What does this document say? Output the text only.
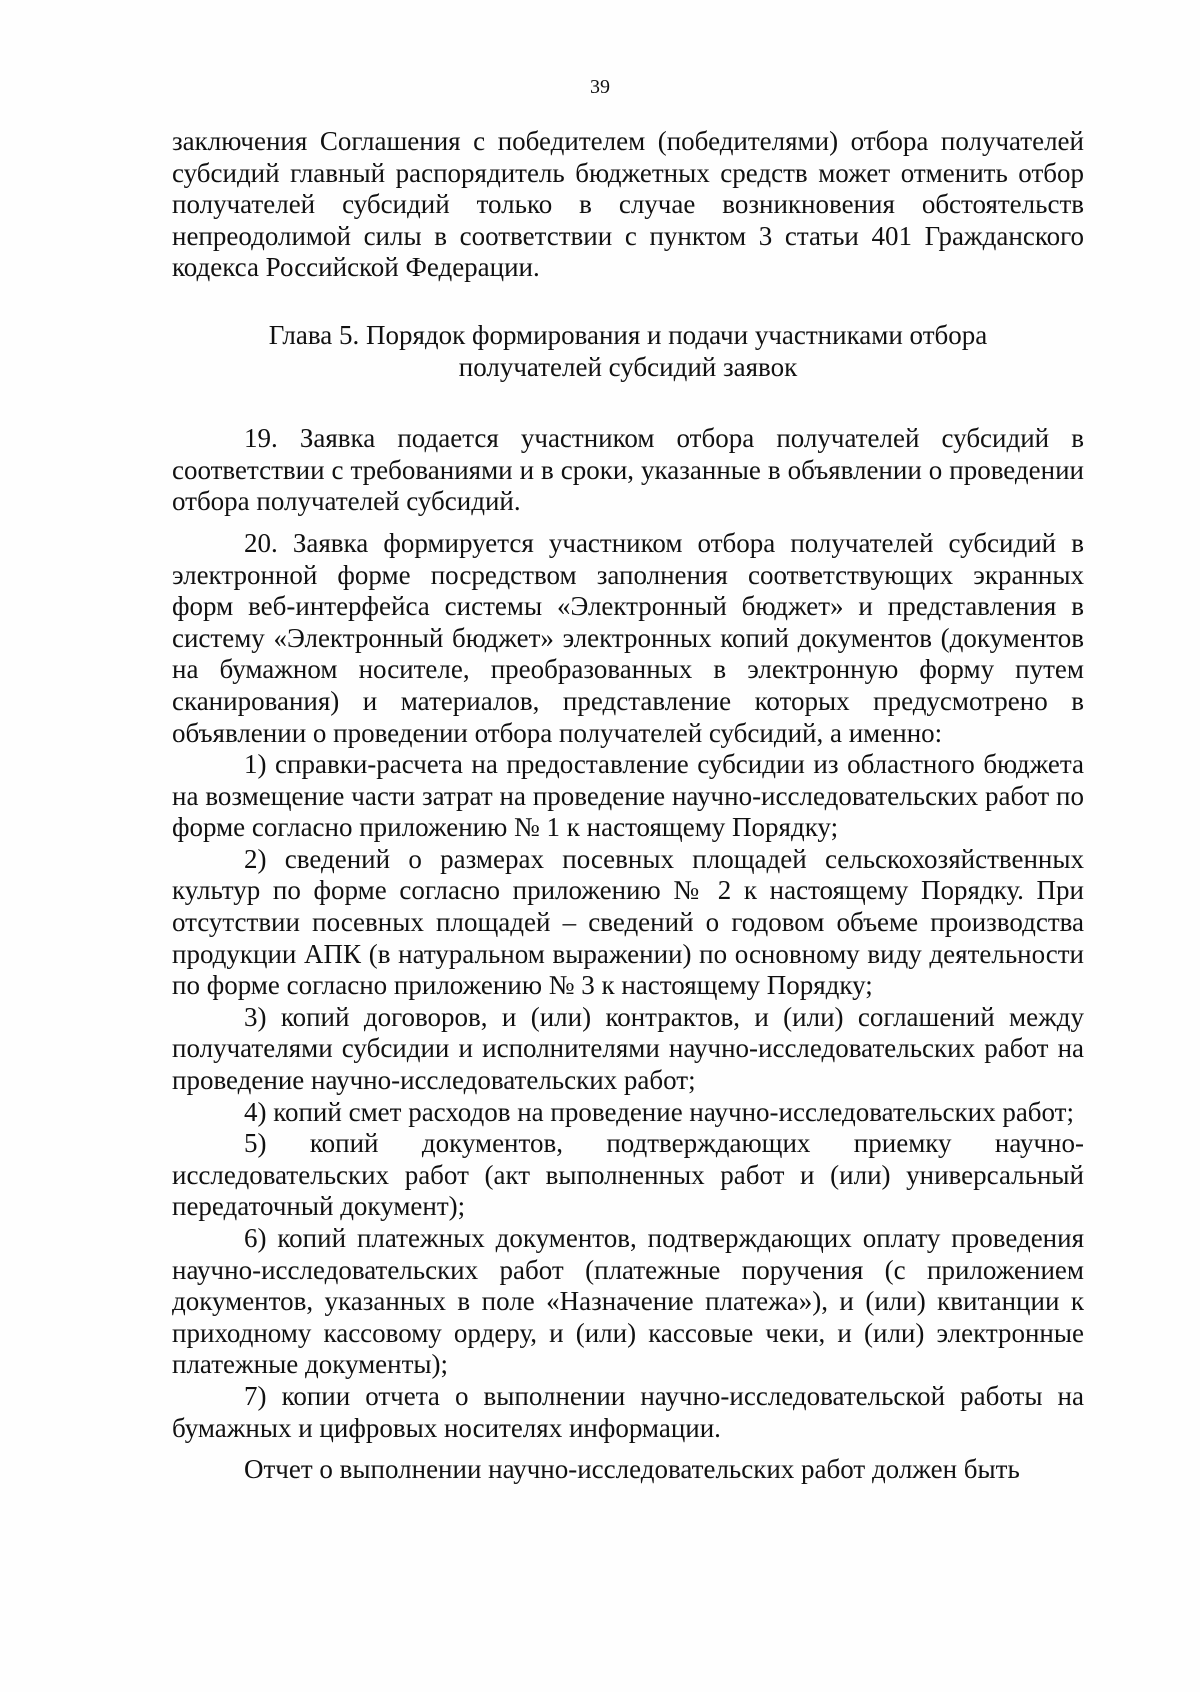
39

заключения Соглашения с победителем (победителями) отбора получателей субсидий главный распорядитель бюджетных средств может отменить отбор получателей субсидий только в случае возникновения обстоятельств непреодолимой силы в соответствии с пунктом 3 статьи 401 Гражданского кодекса Российской Федерации.

Глава 5. Порядок формирования и подачи участниками отбора
получателей субсидий заявок

19. Заявка подается участником отбора получателей субсидий в соответствии с требованиями и в сроки, указанные в объявлении о проведении отбора получателей субсидий.

20. Заявка формируется участником отбора получателей субсидий в электронной форме посредством заполнения соответствующих экранных форм веб-интерфейса системы «Электронный бюджет» и представления в систему «Электронный бюджет» электронных копий документов (документов на бумажном носителе, преобразованных в электронную форму путем сканирования) и материалов, представление которых предусмотрено в объявлении о проведении отбора получателей субсидий, а именно:

1) справки-расчета на предоставление субсидии из областного бюджета на возмещение части затрат на проведение научно-исследовательских работ по форме согласно приложению № 1 к настоящему Порядку;

2) сведений о размерах посевных площадей сельскохозяйственных культур по форме согласно приложению № 2 к настоящему Порядку. При отсутствии посевных площадей – сведений о годовом объеме производства продукции АПК (в натуральном выражении) по основному виду деятельности по форме согласно приложению № 3 к настоящему Порядку;

3) копий договоров, и (или) контрактов, и (или) соглашений между получателями субсидии и исполнителями научно-исследовательских работ на проведение научно-исследовательских работ;

4) копий смет расходов на проведение научно-исследовательских работ;

5) копий документов, подтверждающих приемку научно-исследовательских работ (акт выполненных работ и (или) универсальный передаточный документ);

6) копий платежных документов, подтверждающих оплату проведения научно-исследовательских работ (платежные поручения (с приложением документов, указанных в поле «Назначение платежа»), и (или) квитанции к приходному кассовому ордеру, и (или) кассовые чеки, и (или) электронные платежные документы);

7) копии отчета о выполнении научно-исследовательской работы на бумажных и цифровых носителях информации.

Отчет о выполнении научно-исследовательских работ должен быть
